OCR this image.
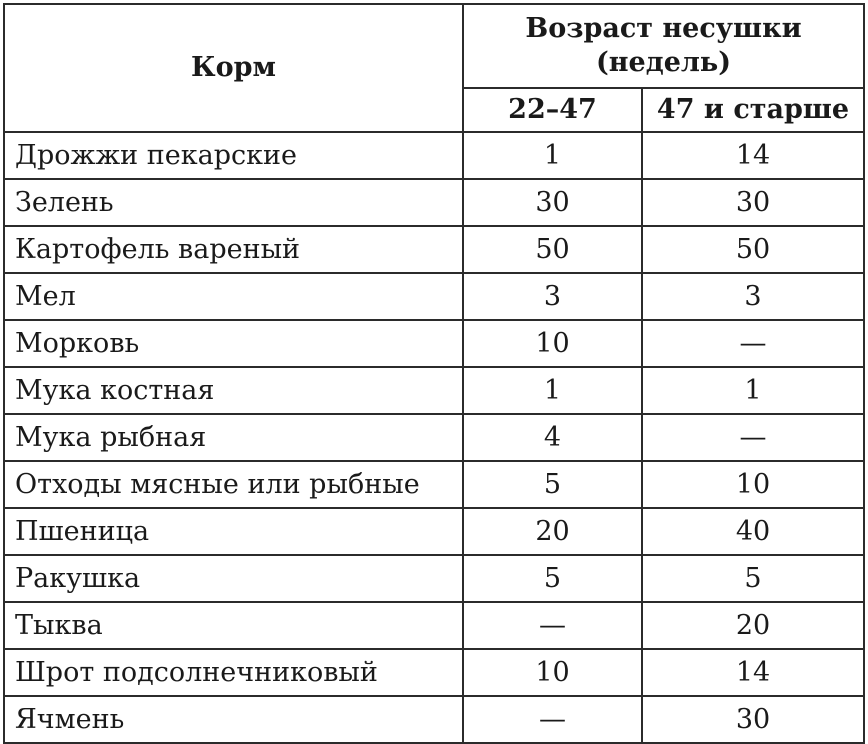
Корм	Возраст несушки
(недель)	
	22–47	47 и старше
Дрожжи пекарские	1	14
Зелень	30	30
Картофель вареный	50	50
Мел	3	3
Морковь	10	—
Мука костная	1	1
Мука рыбная	4	—
Отходы мясные или рыбные	5	10
Пшеница	20	40
Ракушка	5	5
Тыква	—	20
Шрот подсолнечниковый	10	14
Ячмень	—	30
